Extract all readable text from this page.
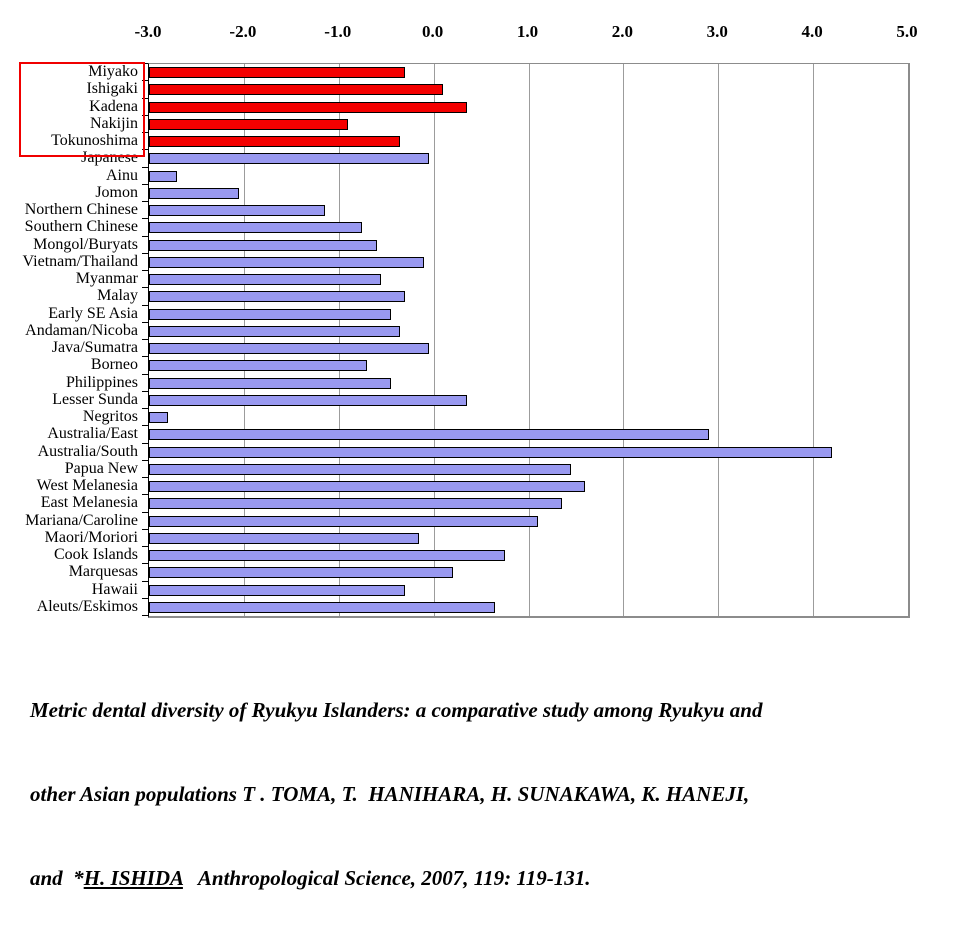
-3.0	-2.0	-1.0	0.0	1.0	2.0	3.0	4.0	5.0
Miyako
Ishigaki
Kadena
Nakijin
Tokunoshima
Japanese
Ainu
Jomon
Northern Chinese
Southern Chinese
Mongol/Buryats
Vietnam/Thailand
Myanmar
Malay
Early SE Asia
Andaman/Nicoba
Java/Sumatra
Borneo
Philippines
Lesser Sunda
Negritos
Australia/East
Australia/South
Papua New
West Melanesia
East Melanesia
Mariana/Caroline
Maori/Moriori
Cook Islands
Marquesas
Hawaii
Aleuts/Eskimos

Metric dental diversity of Ryukyu Islanders: a comparative study among Ryukyu and

other Asian populations T . TOMA, T.  HANIHARA, H. SUNAKAWA, K. HANEJI,

and  *H. ISHIDA   Anthropological Science, 2007, 119: 119-131.
